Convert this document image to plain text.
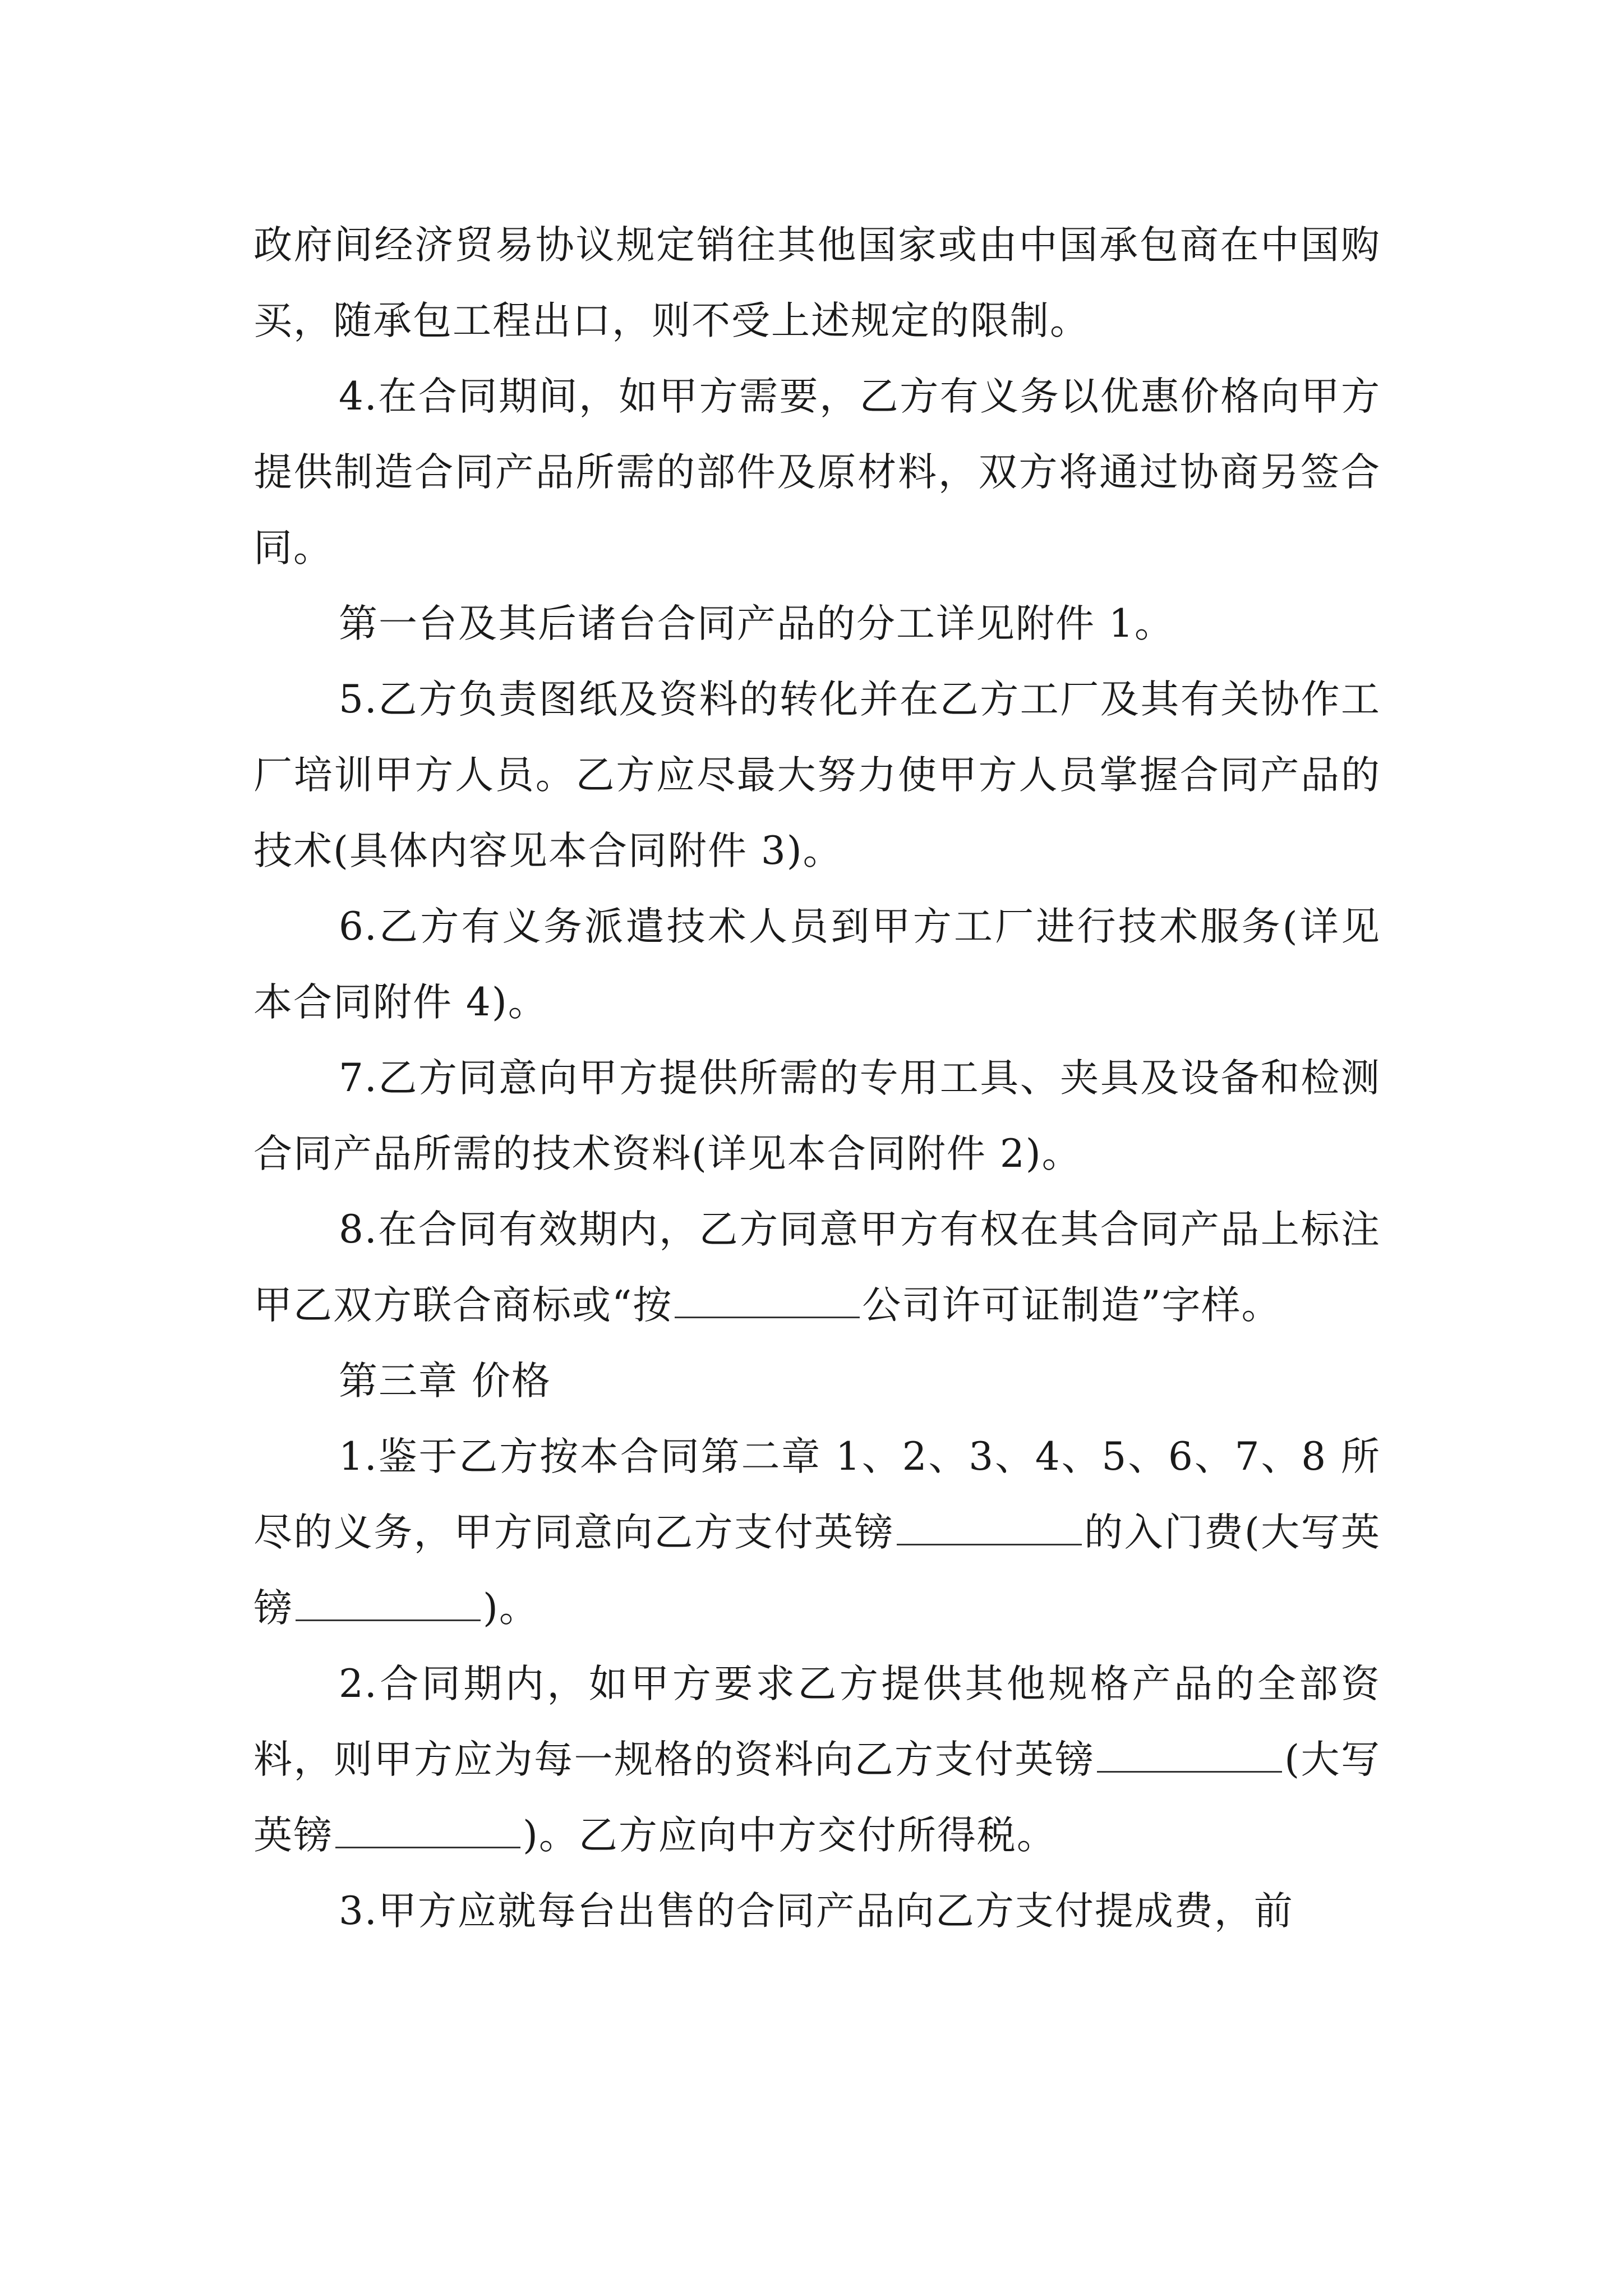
政府间经济贸易协议规定销往其他国家或由中国承包商在中国购买，随承包工程出口，则不受上述规定的限制。

4.在合同期间，如甲方需要，乙方有义务以优惠价格向甲方提供制造合同产品所需的部件及原材料，双方将通过协商另签合同。

第一台及其后诸台合同产品的分工详见附件 1。

5.乙方负责图纸及资料的转化并在乙方工厂及其有关协作工厂培训甲方人员。乙方应尽最大努力使甲方人员掌握合同产品的技术(具体内容见本合同附件 3)。

6.乙方有义务派遣技术人员到甲方工厂进行技术服务(详见本合同附件 4)。

7.乙方同意向甲方提供所需的专用工具、夹具及设备和检测合同产品所需的技术资料(详见本合同附件 2)。

8.在合同有效期内，乙方同意甲方有权在其合同产品上标注甲乙双方联合商标或“按	公司许可证制造”字样。

第三章 价格

1.鉴于乙方按本合同第二章 1、2、3、4、5、6、7、8 所尽的义务，甲方同意向乙方支付英镑	的入门费(大写英镑	)。

2.合同期内，如甲方要求乙方提供其他规格产品的全部资料，则甲方应为每一规格的资料向乙方支付英镑	(大写英镑	)。乙方应向中方交付所得税。

3.甲方应就每台出售的合同产品向乙方支付提成费，前
